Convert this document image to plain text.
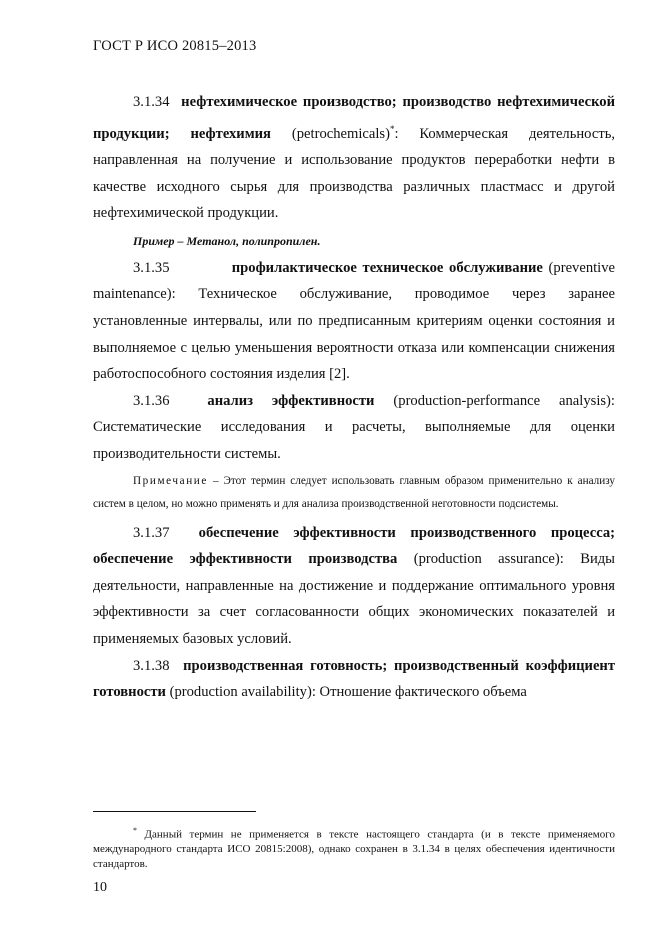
ГОСТ Р ИСО 20815–2013

3.1.34 нефтехимическое производство; производство нефтехимической продукции; нефтехимия (petrochemicals)*: Коммерческая деятельность, направленная на получение и использование продуктов переработки нефти в качестве исходного сырья для производства различных пластмасс и другой нефтехимической продукции.

Пример – Метанол, полипропилен.

3.1.35	профилактическое техническое обслуживание (preventive maintenance): Техническое обслуживание, проводимое через заранее установленные интервалы, или по предписанным критериям оценки состояния и выполняемое с целью уменьшения вероятности отказа или компенсации снижения работоспособного состояния изделия [2].

3.1.36	анализ эффективности (production-performance analysis): Систематические исследования и расчеты, выполняемые для оценки производительности системы.

Примечание – Этот термин следует использовать главным образом применительно к анализу систем в целом, но можно применять и для анализа производственной неготовности подсистемы.

3.1.37 обеспечение эффективности производственного процесса; обеспечение эффективности производства (production assurance): Виды деятельности, направленные на достижение и поддержание оптимального уровня эффективности за счет согласованности общих экономических показателей и применяемых базовых условий.

3.1.38 производственная готовность; производственный коэффициент готовности (production availability): Отношение фактического объема

* Данный термин не применяется в тексте настоящего стандарта (и в тексте применяемого международного стандарта ИСО 20815:2008), однако сохранен в 3.1.34 в целях обеспечения идентичности стандартов.

10
